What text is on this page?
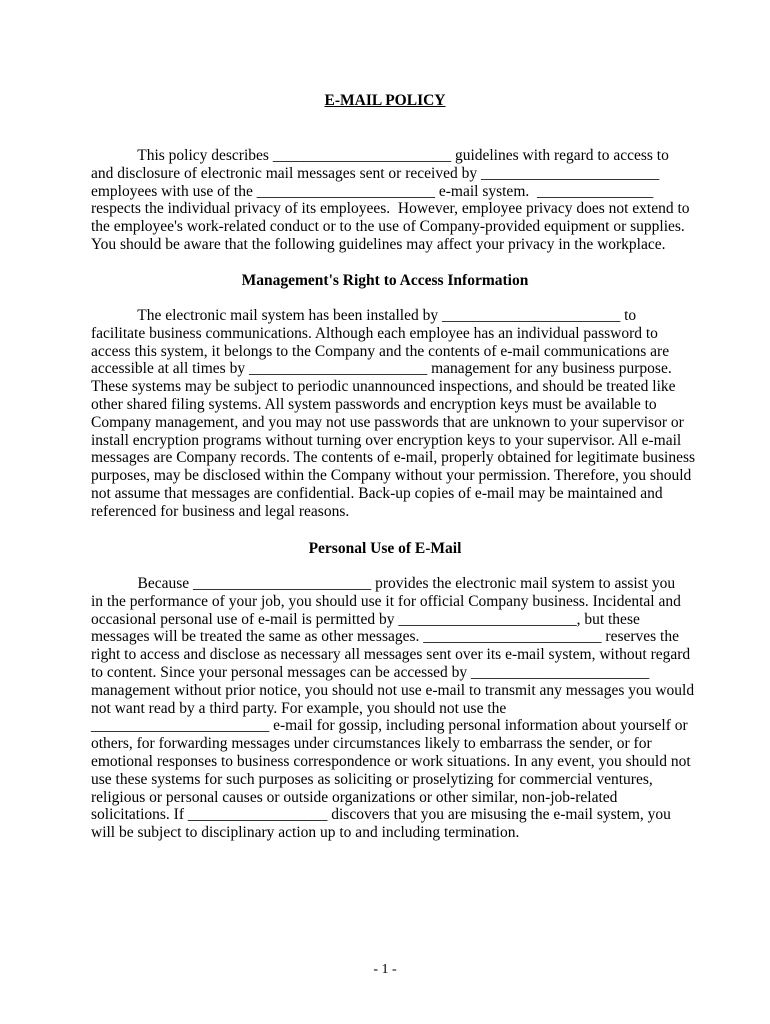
E-MAIL POLICY
This policy describes _______________________ guidelines with regard to access to
and disclosure of electronic mail messages sent or received by _______________________
employees with use of the _______________________ e-mail system.  _______________
respects the individual privacy of its employees.  However, employee privacy does not extend to
the employee's work-related conduct or to the use of Company-provided equipment or supplies.
You should be aware that the following guidelines may affect your privacy in the workplace.
Management's Right to Access Information
The electronic mail system has been installed by _______________________ to
facilitate business communications. Although each employee has an individual password to
access this system, it belongs to the Company and the contents of e-mail communications are
accessible at all times by _______________________ management for any business purpose.
These systems may be subject to periodic unannounced inspections, and should be treated like
other shared filing systems. All system passwords and encryption keys must be available to
Company management, and you may not use passwords that are unknown to your supervisor or
install encryption programs without turning over encryption keys to your supervisor. All e-mail
messages are Company records. The contents of e-mail, properly obtained for legitimate business
purposes, may be disclosed within the Company without your permission. Therefore, you should
not assume that messages are confidential. Back-up copies of e-mail may be maintained and
referenced for business and legal reasons.
Personal Use of E-Mail
Because _______________________ provides the electronic mail system to assist you
in the performance of your job, you should use it for official Company business. Incidental and
occasional personal use of e-mail is permitted by _______________________, but these
messages will be treated the same as other messages. _______________________ reserves the
right to access and disclose as necessary all messages sent over its e-mail system, without regard
to content. Since your personal messages can be accessed by _______________________
management without prior notice, you should not use e-mail to transmit any messages you would
not want read by a third party. For example, you should not use the
_______________________ e-mail for gossip, including personal information about yourself or
others, for forwarding messages under circumstances likely to embarrass the sender, or for
emotional responses to business correspondence or work situations. In any event, you should not
use these systems for such purposes as soliciting or proselytizing for commercial ventures,
religious or personal causes or outside organizations or other similar, non-job-related
solicitations. If __________________ discovers that you are misusing the e-mail system, you
will be subject to disciplinary action up to and including termination.
- 1 -
